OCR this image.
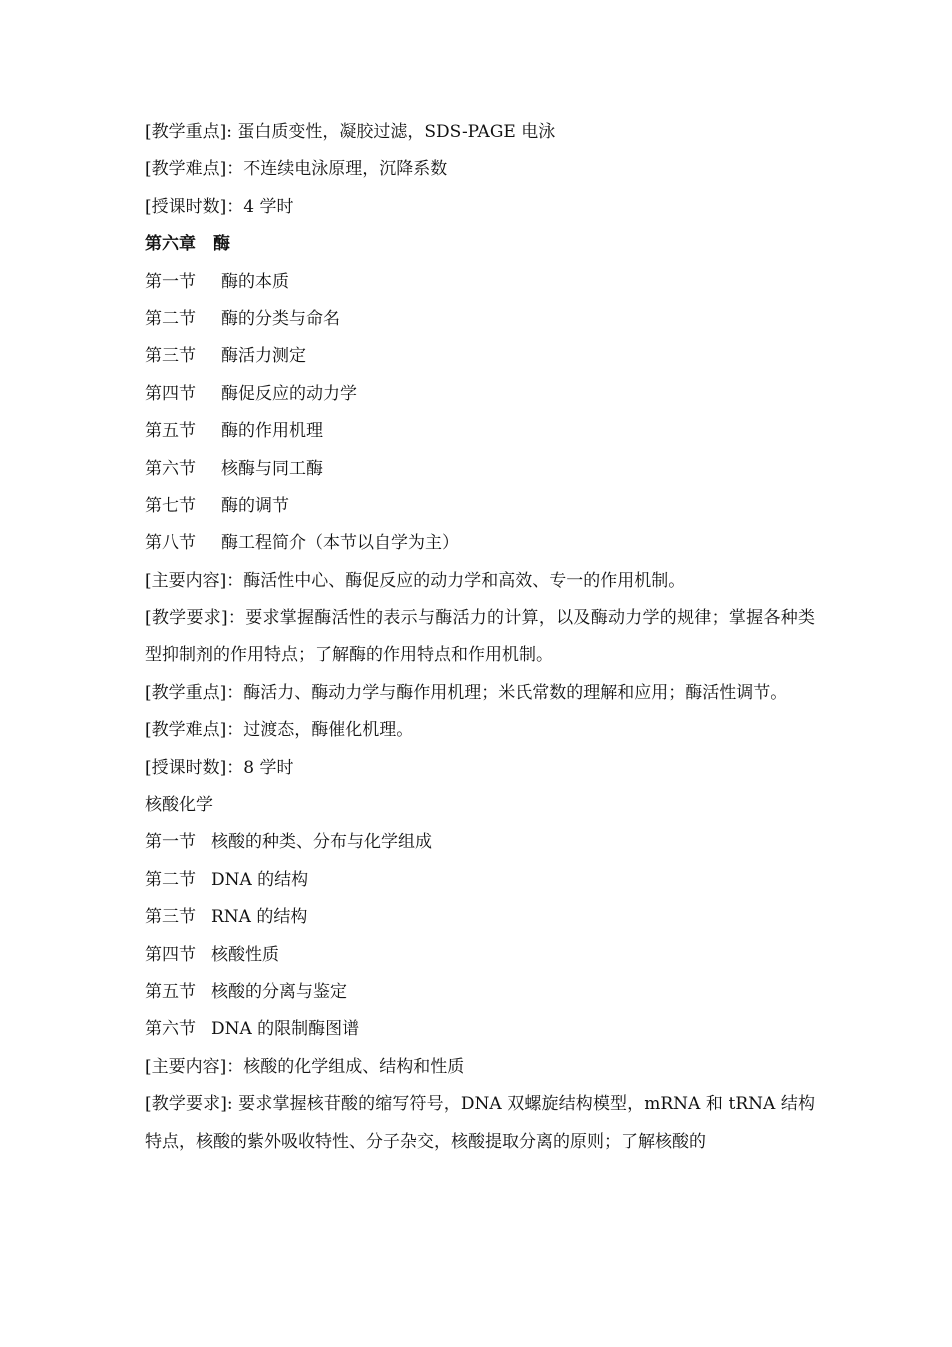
[教学重点]: 蛋白质变性，凝胶过滤，SDS-PAGE 电泳

[教学难点]：不连续电泳原理，沉降系数

[授课时数]：4 学时

第六章　酶

第一节 酶的本质

第二节 酶的分类与命名

第三节 酶活力测定

第四节 酶促反应的动力学

第五节 酶的作用机理

第六节 核酶与同工酶

第七节 酶的调节

第八节 酶工程简介（本节以自学为主）

[主要内容]：酶活性中心、酶促反应的动力学和高效、专一的作用机制。

[教学要求]：要求掌握酶活性的表示与酶活力的计算，以及酶动力学的规律；掌握各种类型抑制剂的作用特点；了解酶的作用特点和作用机制。

[教学重点]：酶活力、酶动力学与酶作用机理；米氏常数的理解和应用；酶活性调节。

[教学难点]：过渡态，酶催化机理。

[授课时数]：8 学时

核酸化学

第一节 核酸的种类、分布与化学组成

第二节 DNA 的结构

第三节 RNA 的结构

第四节 核酸性质

第五节 核酸的分离与鉴定

第六节 DNA 的限制酶图谱

[主要内容]：核酸的化学组成、结构和性质

[教学要求]: 要求掌握核苷酸的缩写符号，DNA 双螺旋结构模型，mRNA 和 tRNA 结构特点，核酸的紫外吸收特性、分子杂交，核酸提取分离的原则；了解核酸的
